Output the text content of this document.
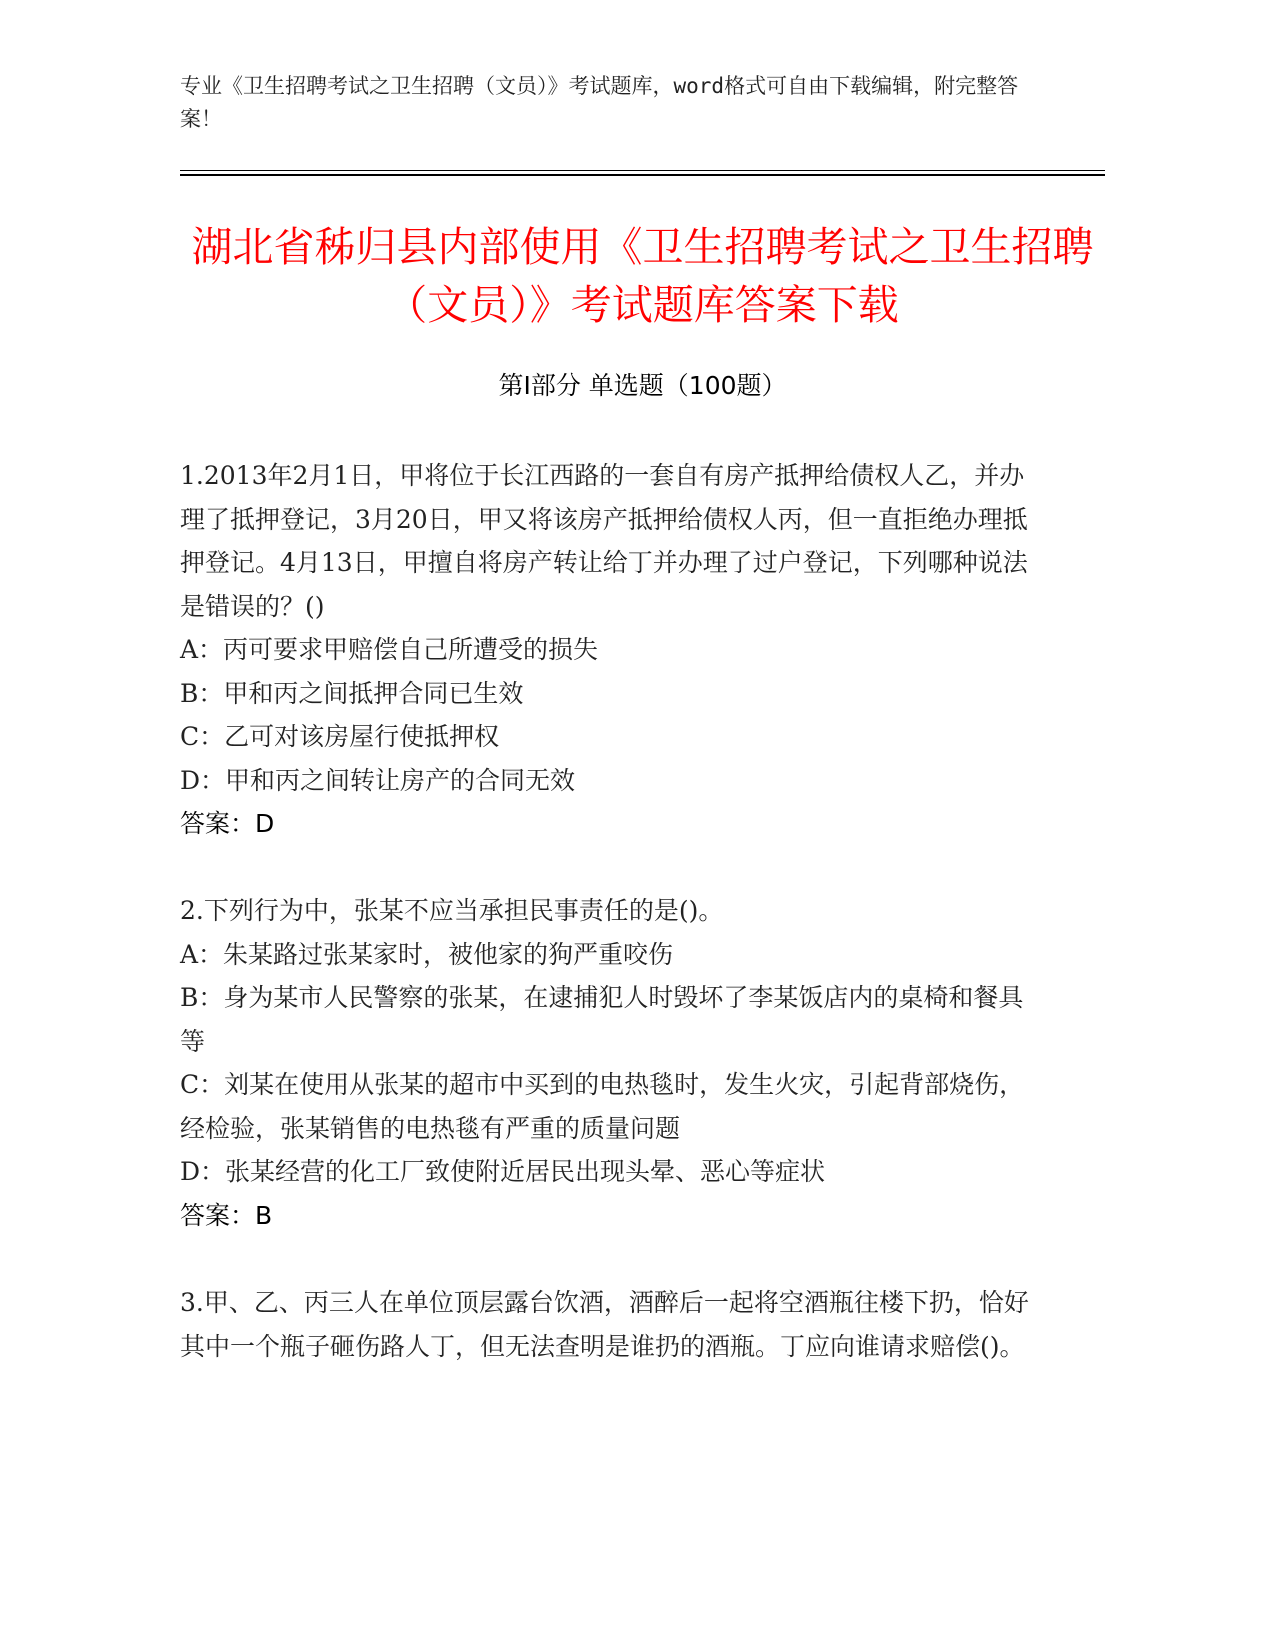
专业《卫生招聘考试之卫生招聘（文员）》考试题库，word格式可自由下载编辑，附完整答案！
湖北省秭归县内部使用《卫生招聘考试之卫生招聘（文员）》考试题库答案下载
第Ⅰ部分 单选题（100题）
1.2013年2月1日，甲将位于长江西路的一套自有房产抵押给债权人乙，并办理了抵押登记，3月20日，甲又将该房产抵押给债权人丙，但一直拒绝办理抵押登记。4月13日，甲擅自将房产转让给丁并办理了过户登记，下列哪种说法是错误的？()
A：丙可要求甲赔偿自己所遭受的损失
B：甲和丙之间抵押合同已生效
C：乙可对该房屋行使抵押权
D：甲和丙之间转让房产的合同无效
答案：D
2.下列行为中，张某不应当承担民事责任的是()。
A：朱某路过张某家时，被他家的狗严重咬伤
B：身为某市人民警察的张某，在逮捕犯人时毁坏了李某饭店内的桌椅和餐具等
C：刘某在使用从张某的超市中买到的电热毯时，发生火灾，引起背部烧伤，经检验，张某销售的电热毯有严重的质量问题
D：张某经营的化工厂致使附近居民出现头晕、恶心等症状
答案：B
3.甲、乙、丙三人在单位顶层露台饮酒，酒醉后一起将空酒瓶往楼下扔，恰好其中一个瓶子砸伤路人丁，但无法查明是谁扔的酒瓶。丁应向谁请求赔偿()。
